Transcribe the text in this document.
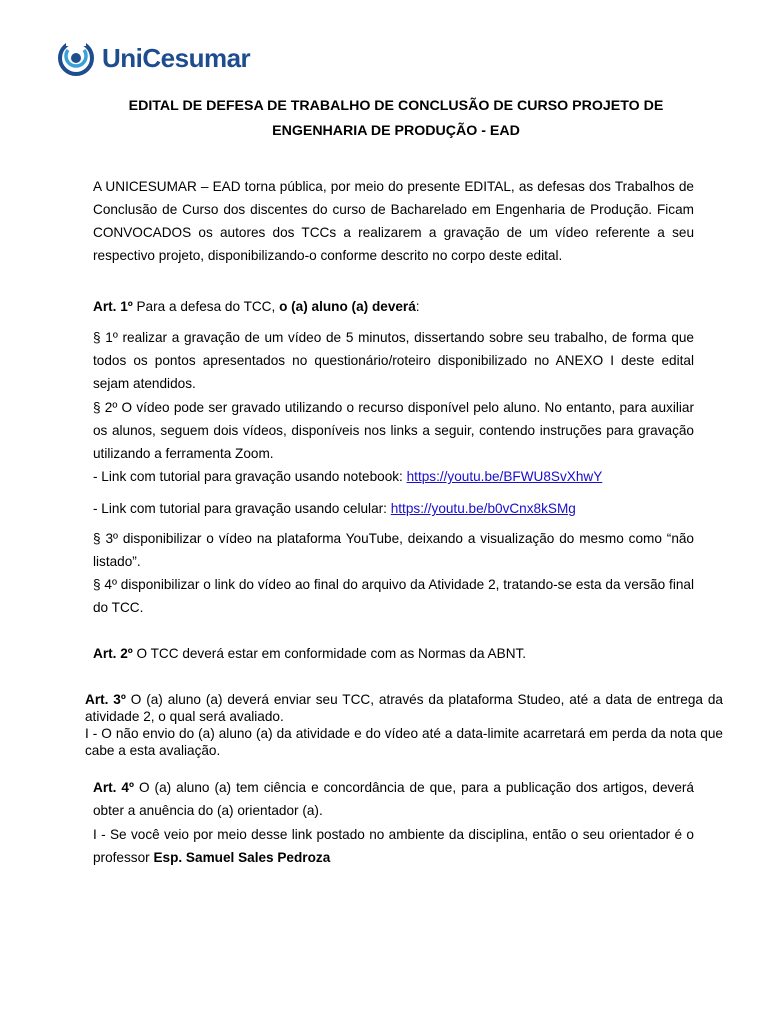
UniCesumar
EDITAL DE DEFESA DE TRABALHO DE CONCLUSÃO DE CURSO PROJETO DE
ENGENHARIA DE PRODUÇÃO - EAD

A UNICESUMAR – EAD torna pública, por meio do presente EDITAL, as defesas dos Trabalhos de Conclusão de Curso dos discentes do curso de Bacharelado em Engenharia de Produção. Ficam CONVOCADOS os autores dos TCCs a realizarem a gravação de um vídeo referente a seu respectivo projeto, disponibilizando-o conforme descrito no corpo deste edital.

Art. 1º Para a defesa do TCC, o (a) aluno (a) deverá:

§ 1º realizar a gravação de um vídeo de 5 minutos, dissertando sobre seu trabalho, de forma que todos os pontos apresentados no questionário/roteiro disponibilizado no ANEXO I deste edital sejam atendidos.

§ 2º O vídeo pode ser gravado utilizando o recurso disponível pelo aluno. No entanto, para auxiliar os alunos, seguem dois vídeos, disponíveis nos links a seguir, contendo instruções para gravação utilizando a ferramenta Zoom.

- Link com tutorial para gravação usando notebook: https://youtu.be/BFWU8SvXhwY

- Link com tutorial para gravação usando celular: https://youtu.be/b0vCnx8kSMg

§ 3º disponibilizar o vídeo na plataforma YouTube, deixando a visualização do mesmo como “não listado”.

§ 4º disponibilizar o link do vídeo ao final do arquivo da Atividade 2, tratando-se esta da versão final do TCC.

Art. 2º O TCC deverá estar em conformidade com as Normas da ABNT.

Art. 3º O (a) aluno (a) deverá enviar seu TCC, através da plataforma Studeo, até a data de entrega da atividade 2, o qual será avaliado.
I - O não envio do (a) aluno (a) da atividade e do vídeo até a data-limite acarretará em perda da nota que cabe a esta avaliação.

Art. 4º O (a) aluno (a) tem ciência e concordância de que, para a publicação dos artigos, deverá obter a anuência do (a) orientador (a).

I - Se você veio por meio desse link postado no ambiente da disciplina, então o seu orientador é o professor Esp. Samuel Sales Pedroza
